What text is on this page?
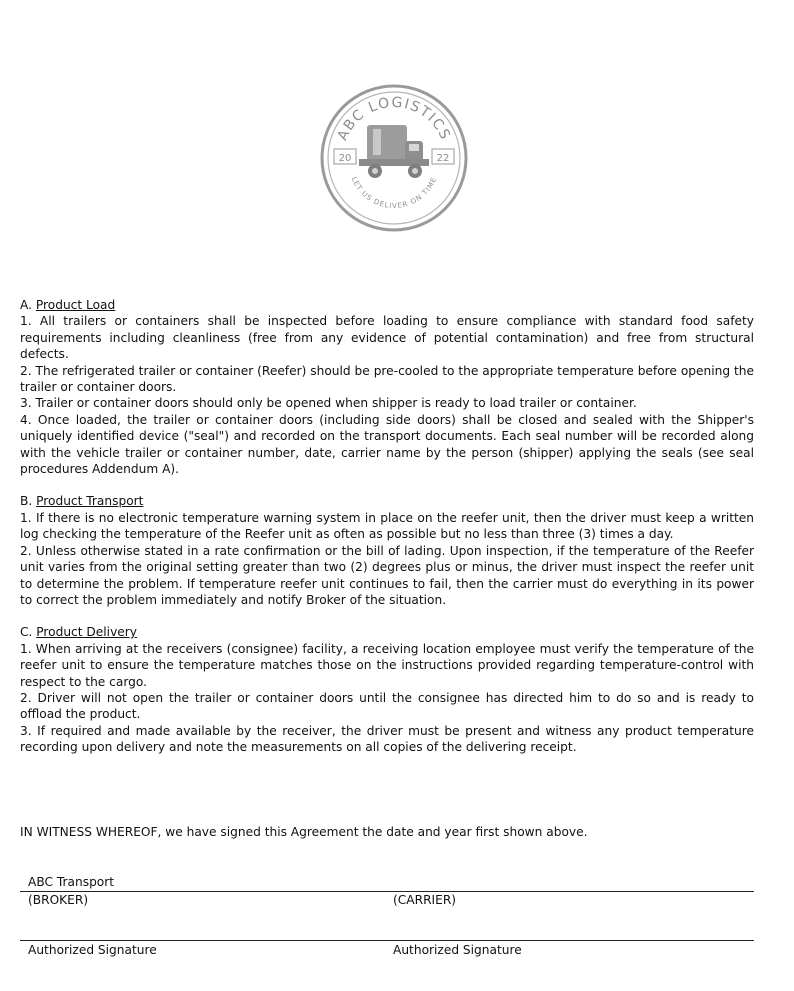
ABC LOGISTICS
20	22
LET US DELIVER ON TIME

A. Product Load

1. All trailers or containers shall be inspected before loading to ensure compliance with standard food safety requirements including cleanliness (free from any evidence of potential contamination) and free from structural defects.

2. The refrigerated trailer or container (Reefer) should be pre-cooled to the appropriate temperature before opening the trailer or container doors.

3. Trailer or container doors should only be opened when shipper is ready to load trailer or container.

4. Once loaded, the trailer or container doors (including side doors) shall be closed and sealed with the Shipper's uniquely identified device ("seal") and recorded on the transport documents. Each seal number will be recorded along with the vehicle trailer or container number, date, carrier name by the person (shipper) applying the seals (see seal procedures Addendum A).

B. Product Transport

1. If there is no electronic temperature warning system in place on the reefer unit, then the driver must keep a written log checking the temperature of the Reefer unit as often as possible but no less than three (3) times a day.

2. Unless otherwise stated in a rate confirmation or the bill of lading. Upon inspection, if the temperature of the Reefer unit varies from the original setting greater than two (2) degrees plus or minus, the driver must inspect the reefer unit to determine the problem. If temperature reefer unit continues to fail, then the carrier must do everything in its power to correct the problem immediately and notify Broker of the situation.

C. Product Delivery

1. When arriving at the receivers (consignee) facility, a receiving location employee must verify the temperature of the reefer unit to ensure the temperature matches those on the instructions provided regarding temperature-control with respect to the cargo.

2. Driver will not open the trailer or container doors until the consignee has directed him to do so and is ready to offload the product.

3. If required and made available by the receiver, the driver must be present and witness any product temperature recording upon delivery and note the measurements on all copies of the delivering receipt.

IN WITNESS WHEREOF, we have signed this Agreement the date and year first shown above.
ABC Transport
(BROKER)	(CARRIER)
Authorized Signature	Authorized Signature
